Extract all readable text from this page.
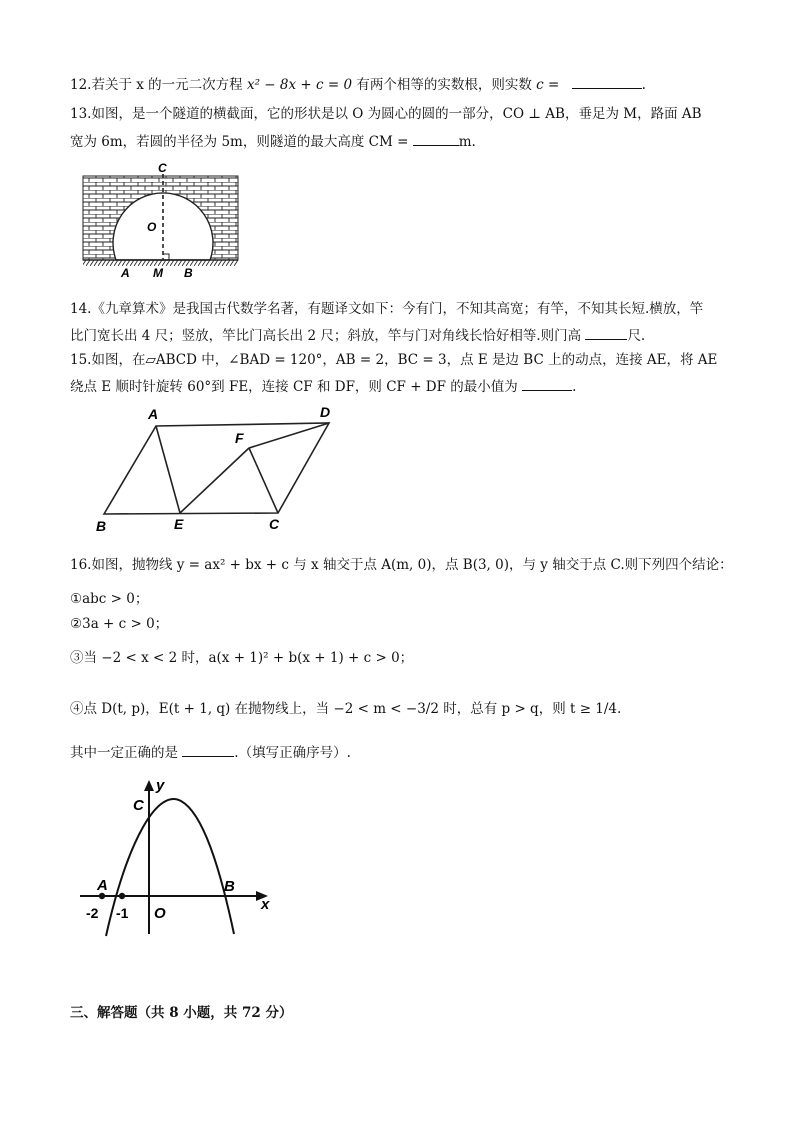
12.若关于 x 的一元二次方程 x² − 8x + c = 0 有两个相等的实数根，则实数 c =	.
13.如图，是一个隧道的横截面，它的形状是以 O 为圆心的圆的一部分，CO ⊥ AB，垂足为 M，路面 AB
宽为 6m，若圆的半径为 5m，则隧道的最大高度 CM =	m.
C
O
A M B
14.《九章算术》是我国古代数学名著，有题译文如下：今有门，不知其高宽；有竿，不知其长短.横放，竿
比门宽长出 4 尺；竖放，竿比门高长出 2 尺；斜放，竿与门对角线长恰好相等.则门高	尺.
15.如图，在▱ABCD 中，∠BAD = 120°，AB = 2，BC = 3，点 E 是边 BC 上的动点，连接 AE，将 AE
绕点 E 顺时针旋转 60°到 FE，连接 CF 和 DF，则 CF + DF 的最小值为	.
A	D
F
B	E	C
16.如图，抛物线 y = ax² + bx + c 与 x 轴交于点 A(m, 0)，点 B(3, 0)，与 y 轴交于点 C.则下列四个结论：
①abc > 0；
②3a + c > 0；
③当 −2 < x < 2 时，a(x + 1)² + b(x + 1) + c > 0；
④点 D(t, p)，E(t + 1, q) 在抛物线上，当 −2 < m < −3/2 时，总有 p > q，则 t ≥ 1/4.
其中一定正确的是	.（填写正确序号）.
y
x
C
A	B
O
-2 -1
三、解答题（共 8 小题，共 72 分）
